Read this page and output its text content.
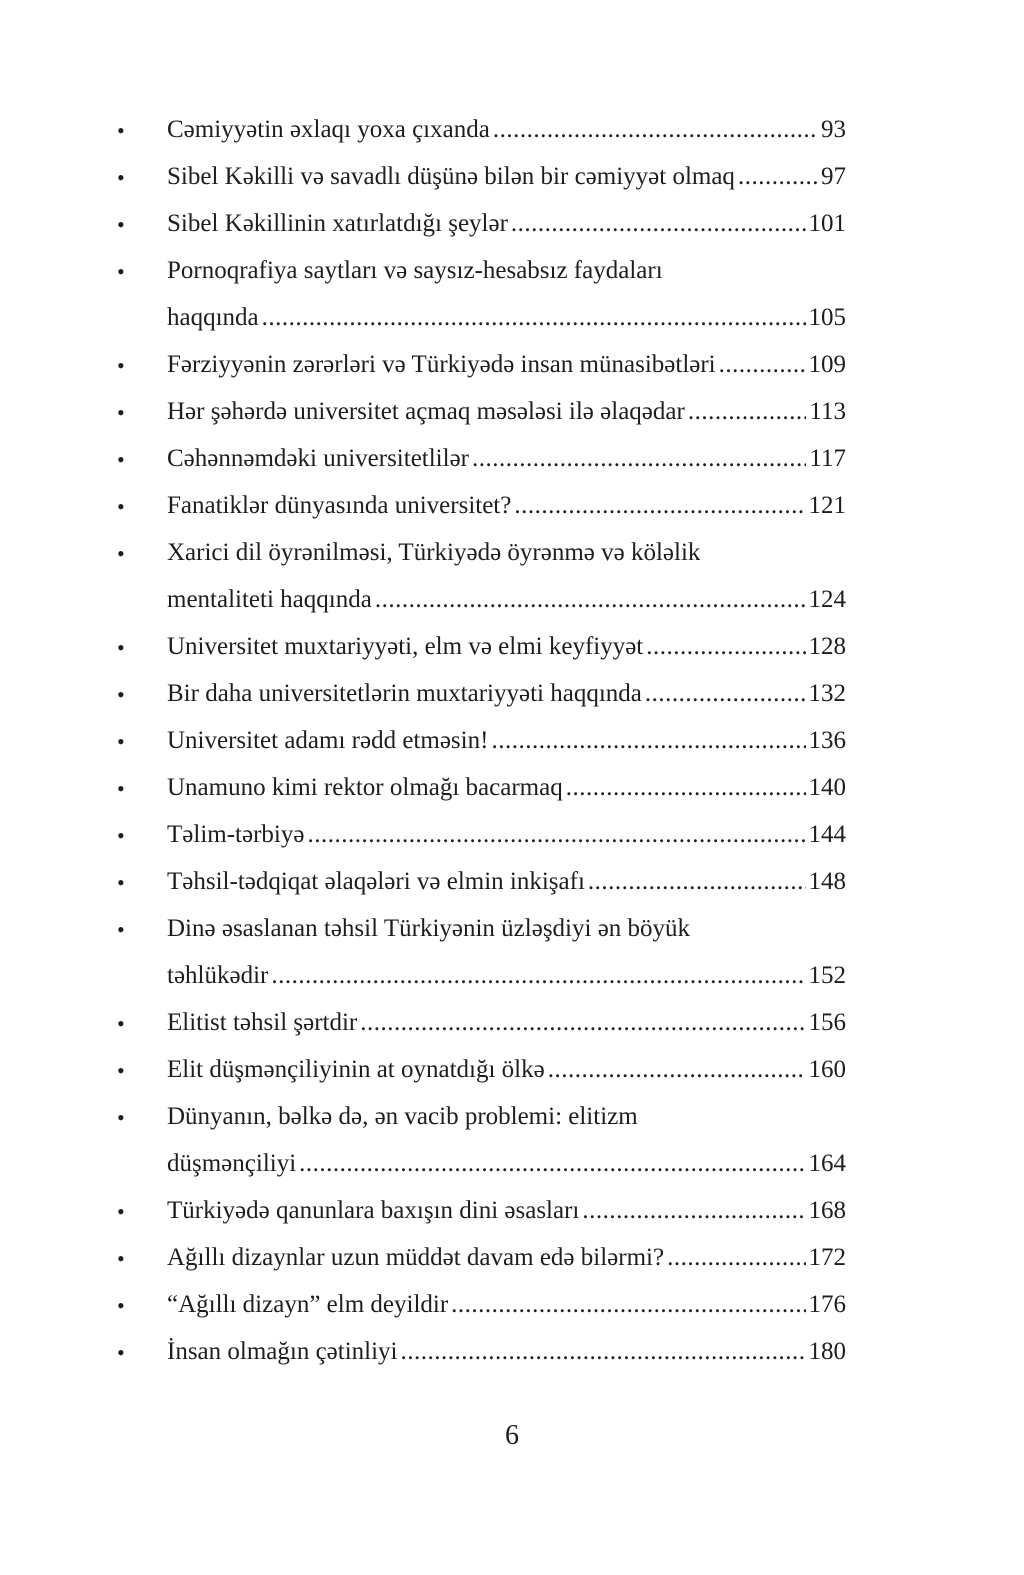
• Cəmiyyətin əxlaqı yoxa çıxanda .....	93
• Sibel Kəkilli və savadlı düşünə bilən bir cəmiyyət olmaq .....	97
• Sibel Kəkillinin xatırlatdığı şeylər .....	101
• Pornoqrafiya saytları və saysız-hesabsız faydaları
haqqında .....	105
• Fərziyyənin zərərləri və Türkiyədə insan münasibətləri .....	109
• Hər şəhərdə universitet açmaq məsələsi ilə əlaqədar .....	113
• Cəhənnəmdəki universitetlilər .....	117
• Fanatiklər dünyasında universitet? .....	121
• Xarici dil öyrənilməsi, Türkiyədə öyrənmə və köləlik
mentaliteti haqqında .....	124
• Universitet muxtariyyəti, elm və elmi keyfiyyət .....	128
• Bir daha universitetlərin muxtariyyəti haqqında .....	132
• Universitet adamı rədd etməsin! .....	136
• Unamuno kimi rektor olmağı bacarmaq .....	140
• Təlim-tərbiyə .....	144
• Təhsil-tədqiqat əlaqələri və elmin inkişafı .....	148
• Dinə əsaslanan təhsil Türkiyənin üzləşdiyi ən böyük
təhlükədir .....	152
• Elitist təhsil şərtdir .....	156
• Elit düşmənçiliyinin at oynatdığı ölkə .....	160
• Dünyanın, bəlkə də, ən vacib problemi: elitizm
düşmənçiliyi .....	164
• Türkiyədə qanunlara baxışın dini əsasları .....	168
• Ağıllı dizaynlar uzun müddət davam edə bilərmi? .....	172
• “Ağıllı dizayn” elm deyildir .....	176
• İnsan olmağın çətinliyi .....	180
6
